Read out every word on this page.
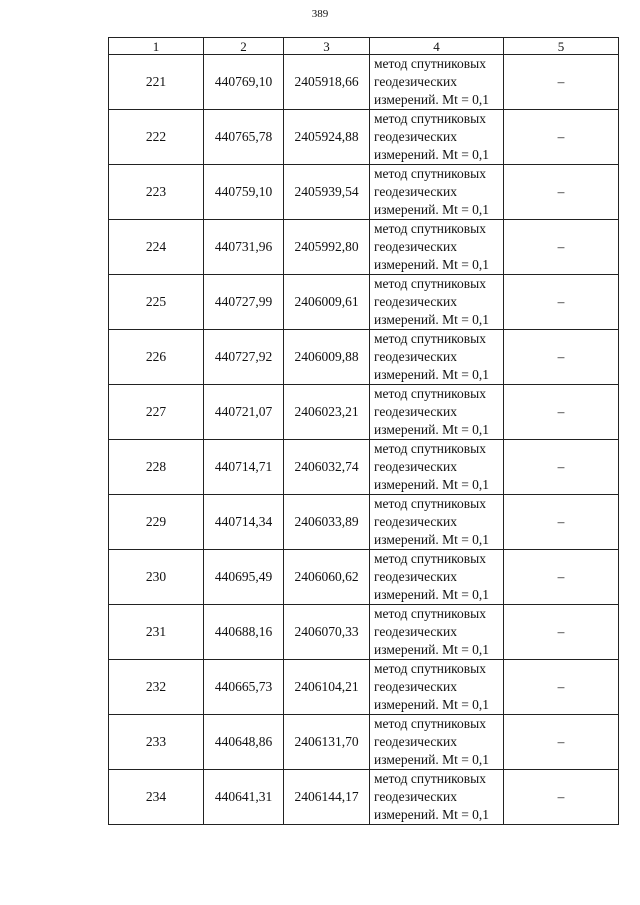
389
1	2	3	4	5
221	440769,10	2405918,66	метод спутниковых
геодезических
измерений. Mt = 0,1	–
222	440765,78	2405924,88	метод спутниковых
геодезических
измерений. Mt = 0,1	–
223	440759,10	2405939,54	метод спутниковых
геодезических
измерений. Mt = 0,1	–
224	440731,96	2405992,80	метод спутниковых
геодезических
измерений. Mt = 0,1	–
225	440727,99	2406009,61	метод спутниковых
геодезических
измерений. Mt = 0,1	–
226	440727,92	2406009,88	метод спутниковых
геодезических
измерений. Mt = 0,1	–
227	440721,07	2406023,21	метод спутниковых
геодезических
измерений. Mt = 0,1	–
228	440714,71	2406032,74	метод спутниковых
геодезических
измерений. Mt = 0,1	–
229	440714,34	2406033,89	метод спутниковых
геодезических
измерений. Mt = 0,1	–
230	440695,49	2406060,62	метод спутниковых
геодезических
измерений. Mt = 0,1	–
231	440688,16	2406070,33	метод спутниковых
геодезических
измерений. Mt = 0,1	–
232	440665,73	2406104,21	метод спутниковых
геодезических
измерений. Mt = 0,1	–
233	440648,86	2406131,70	метод спутниковых
геодезических
измерений. Mt = 0,1	–
234	440641,31	2406144,17	метод спутниковых
геодезических
измерений. Mt = 0,1	–
